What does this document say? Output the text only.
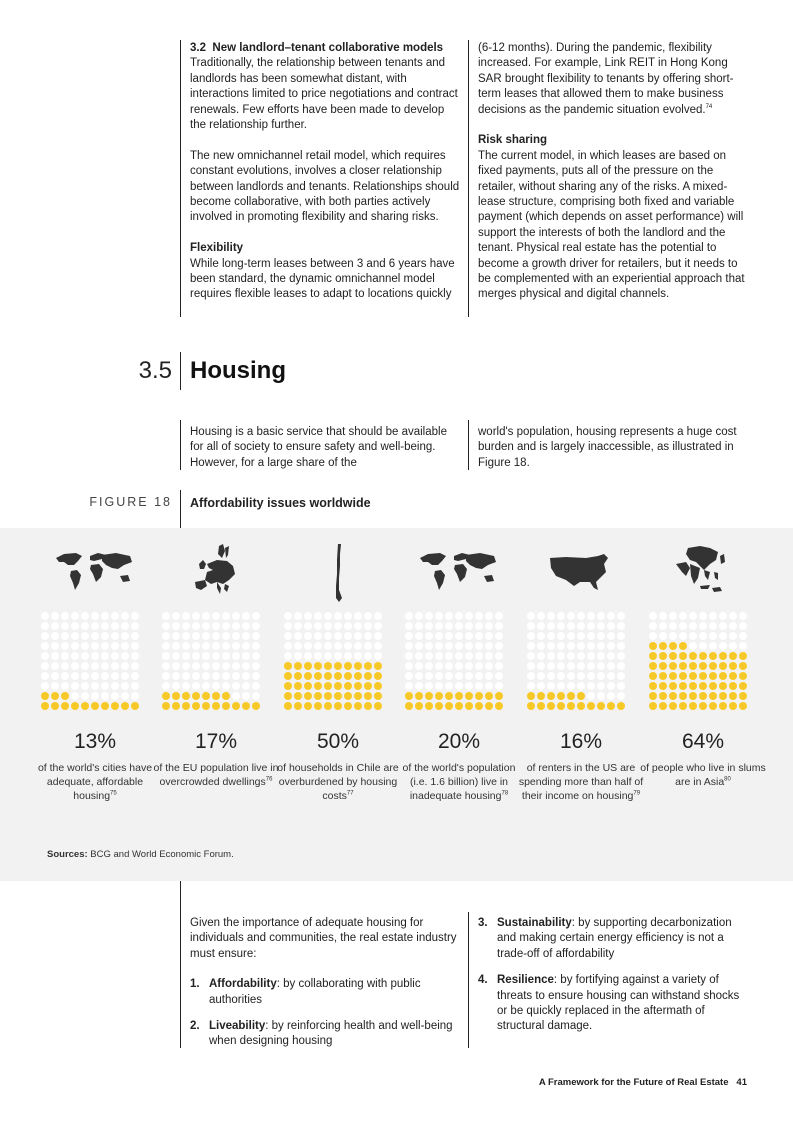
3.2 New landlord–tenant collaborative models

Traditionally, the relationship between tenants and landlords has been somewhat distant, with interactions limited to price negotiations and contract renewals. Few efforts have been made to develop the relationship further.

The new omnichannel retail model, which requires constant evolutions, involves a closer relationship between landlords and tenants. Relationships should become collaborative, with both parties actively involved in promoting flexibility and sharing risks.

Flexibility

While long-term leases between 3 and 6 years have been standard, the dynamic omnichannel model requires flexible leases to adapt to locations quickly

(6-12 months). During the pandemic, flexibility increased. For example, Link REIT in Hong Kong SAR brought flexibility to tenants by offering short-term leases that allowed them to make business decisions as the pandemic situation evolved.$^{74}$

Risk sharing

The current model, in which leases are based on fixed payments, puts all of the pressure on the retailer, without sharing any of the risks. A mixed-lease structure, comprising both fixed and variable payment (which depends on asset performance) will support the interests of both the landlord and the tenant. Physical real estate has the potential to become a growth driver for retailers, but it needs to be complemented with an experiential approach that merges physical and digital channels.

3.5 Housing
Housing is a basic service that should be available for all of society to ensure safety and well-being. However, for a large share of the
world's population, housing represents a huge cost burden and is largely inaccessible, as illustrated in Figure 18.
FIGURE 18 Affordability issues worldwide
13%
of the world's cities have adequate, affordable housing$^{75}$
17%
of the EU population live in overcrowded dwellings$^{76}$
50%
of households in Chile are overburdened by housing costs$^{77}$
20%
of the world's population (i.e. 1.6 billion) live in inadequate housing$^{78}$
16%
of renters in the US are spending more than half of their income on housing$^{79}$
64%
of people who live in slums are in Asia$^{80}$
Sources: BCG and World Economic Forum.

Given the importance of adequate housing for individuals and communities, the real estate industry must ensure:

1. Affordability: by collaborating with public authorities
2. Liveability: by reinforcing health and well-being when designing housing
3. Sustainability: by supporting decarbonization and making certain energy efficiency is not a trade-off of affordability
4. Resilience: by fortifying against a variety of threats to ensure housing can withstand shocks or be quickly replaced in the aftermath of structural damage.
A Framework for the Future of Real Estate 41
